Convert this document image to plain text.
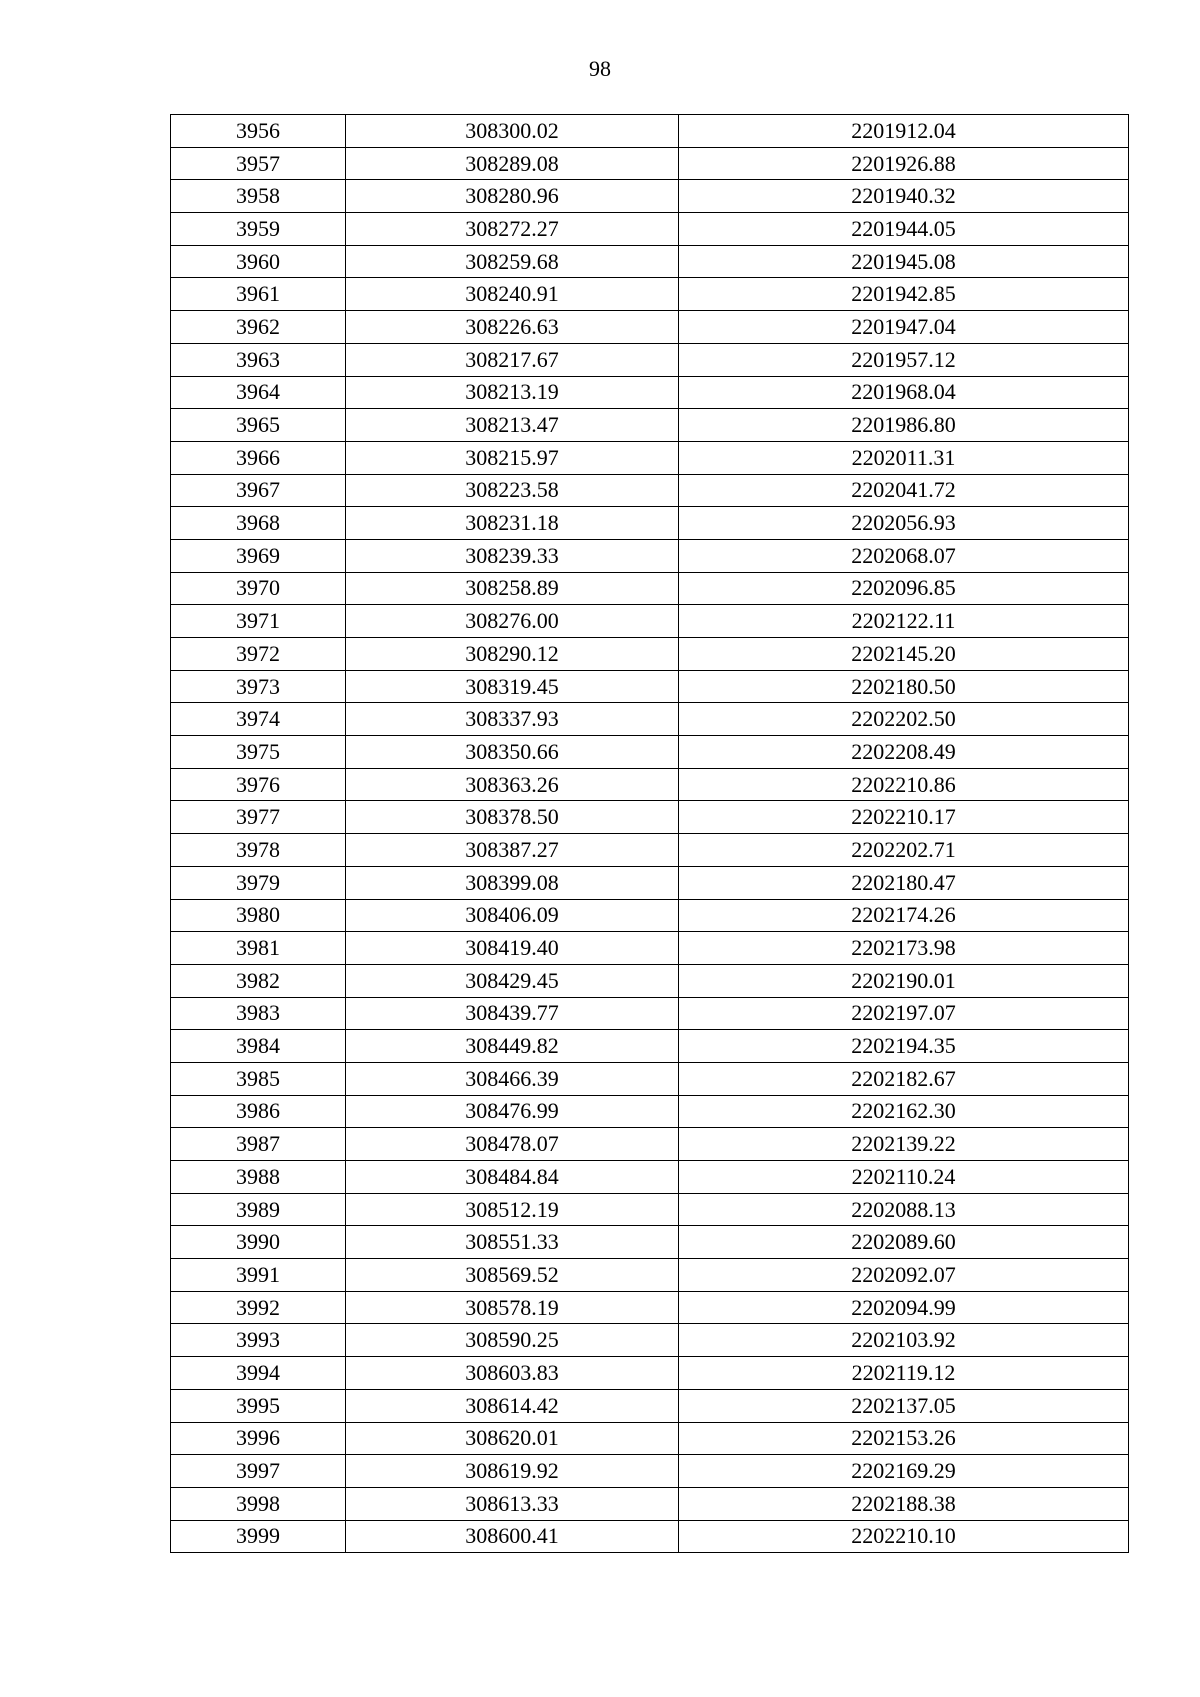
98
3956	308300.02	2201912.04
3957	308289.08	2201926.88
3958	308280.96	2201940.32
3959	308272.27	2201944.05
3960	308259.68	2201945.08
3961	308240.91	2201942.85
3962	308226.63	2201947.04
3963	308217.67	2201957.12
3964	308213.19	2201968.04
3965	308213.47	2201986.80
3966	308215.97	2202011.31
3967	308223.58	2202041.72
3968	308231.18	2202056.93
3969	308239.33	2202068.07
3970	308258.89	2202096.85
3971	308276.00	2202122.11
3972	308290.12	2202145.20
3973	308319.45	2202180.50
3974	308337.93	2202202.50
3975	308350.66	2202208.49
3976	308363.26	2202210.86
3977	308378.50	2202210.17
3978	308387.27	2202202.71
3979	308399.08	2202180.47
3980	308406.09	2202174.26
3981	308419.40	2202173.98
3982	308429.45	2202190.01
3983	308439.77	2202197.07
3984	308449.82	2202194.35
3985	308466.39	2202182.67
3986	308476.99	2202162.30
3987	308478.07	2202139.22
3988	308484.84	2202110.24
3989	308512.19	2202088.13
3990	308551.33	2202089.60
3991	308569.52	2202092.07
3992	308578.19	2202094.99
3993	308590.25	2202103.92
3994	308603.83	2202119.12
3995	308614.42	2202137.05
3996	308620.01	2202153.26
3997	308619.92	2202169.29
3998	308613.33	2202188.38
3999	308600.41	2202210.10
